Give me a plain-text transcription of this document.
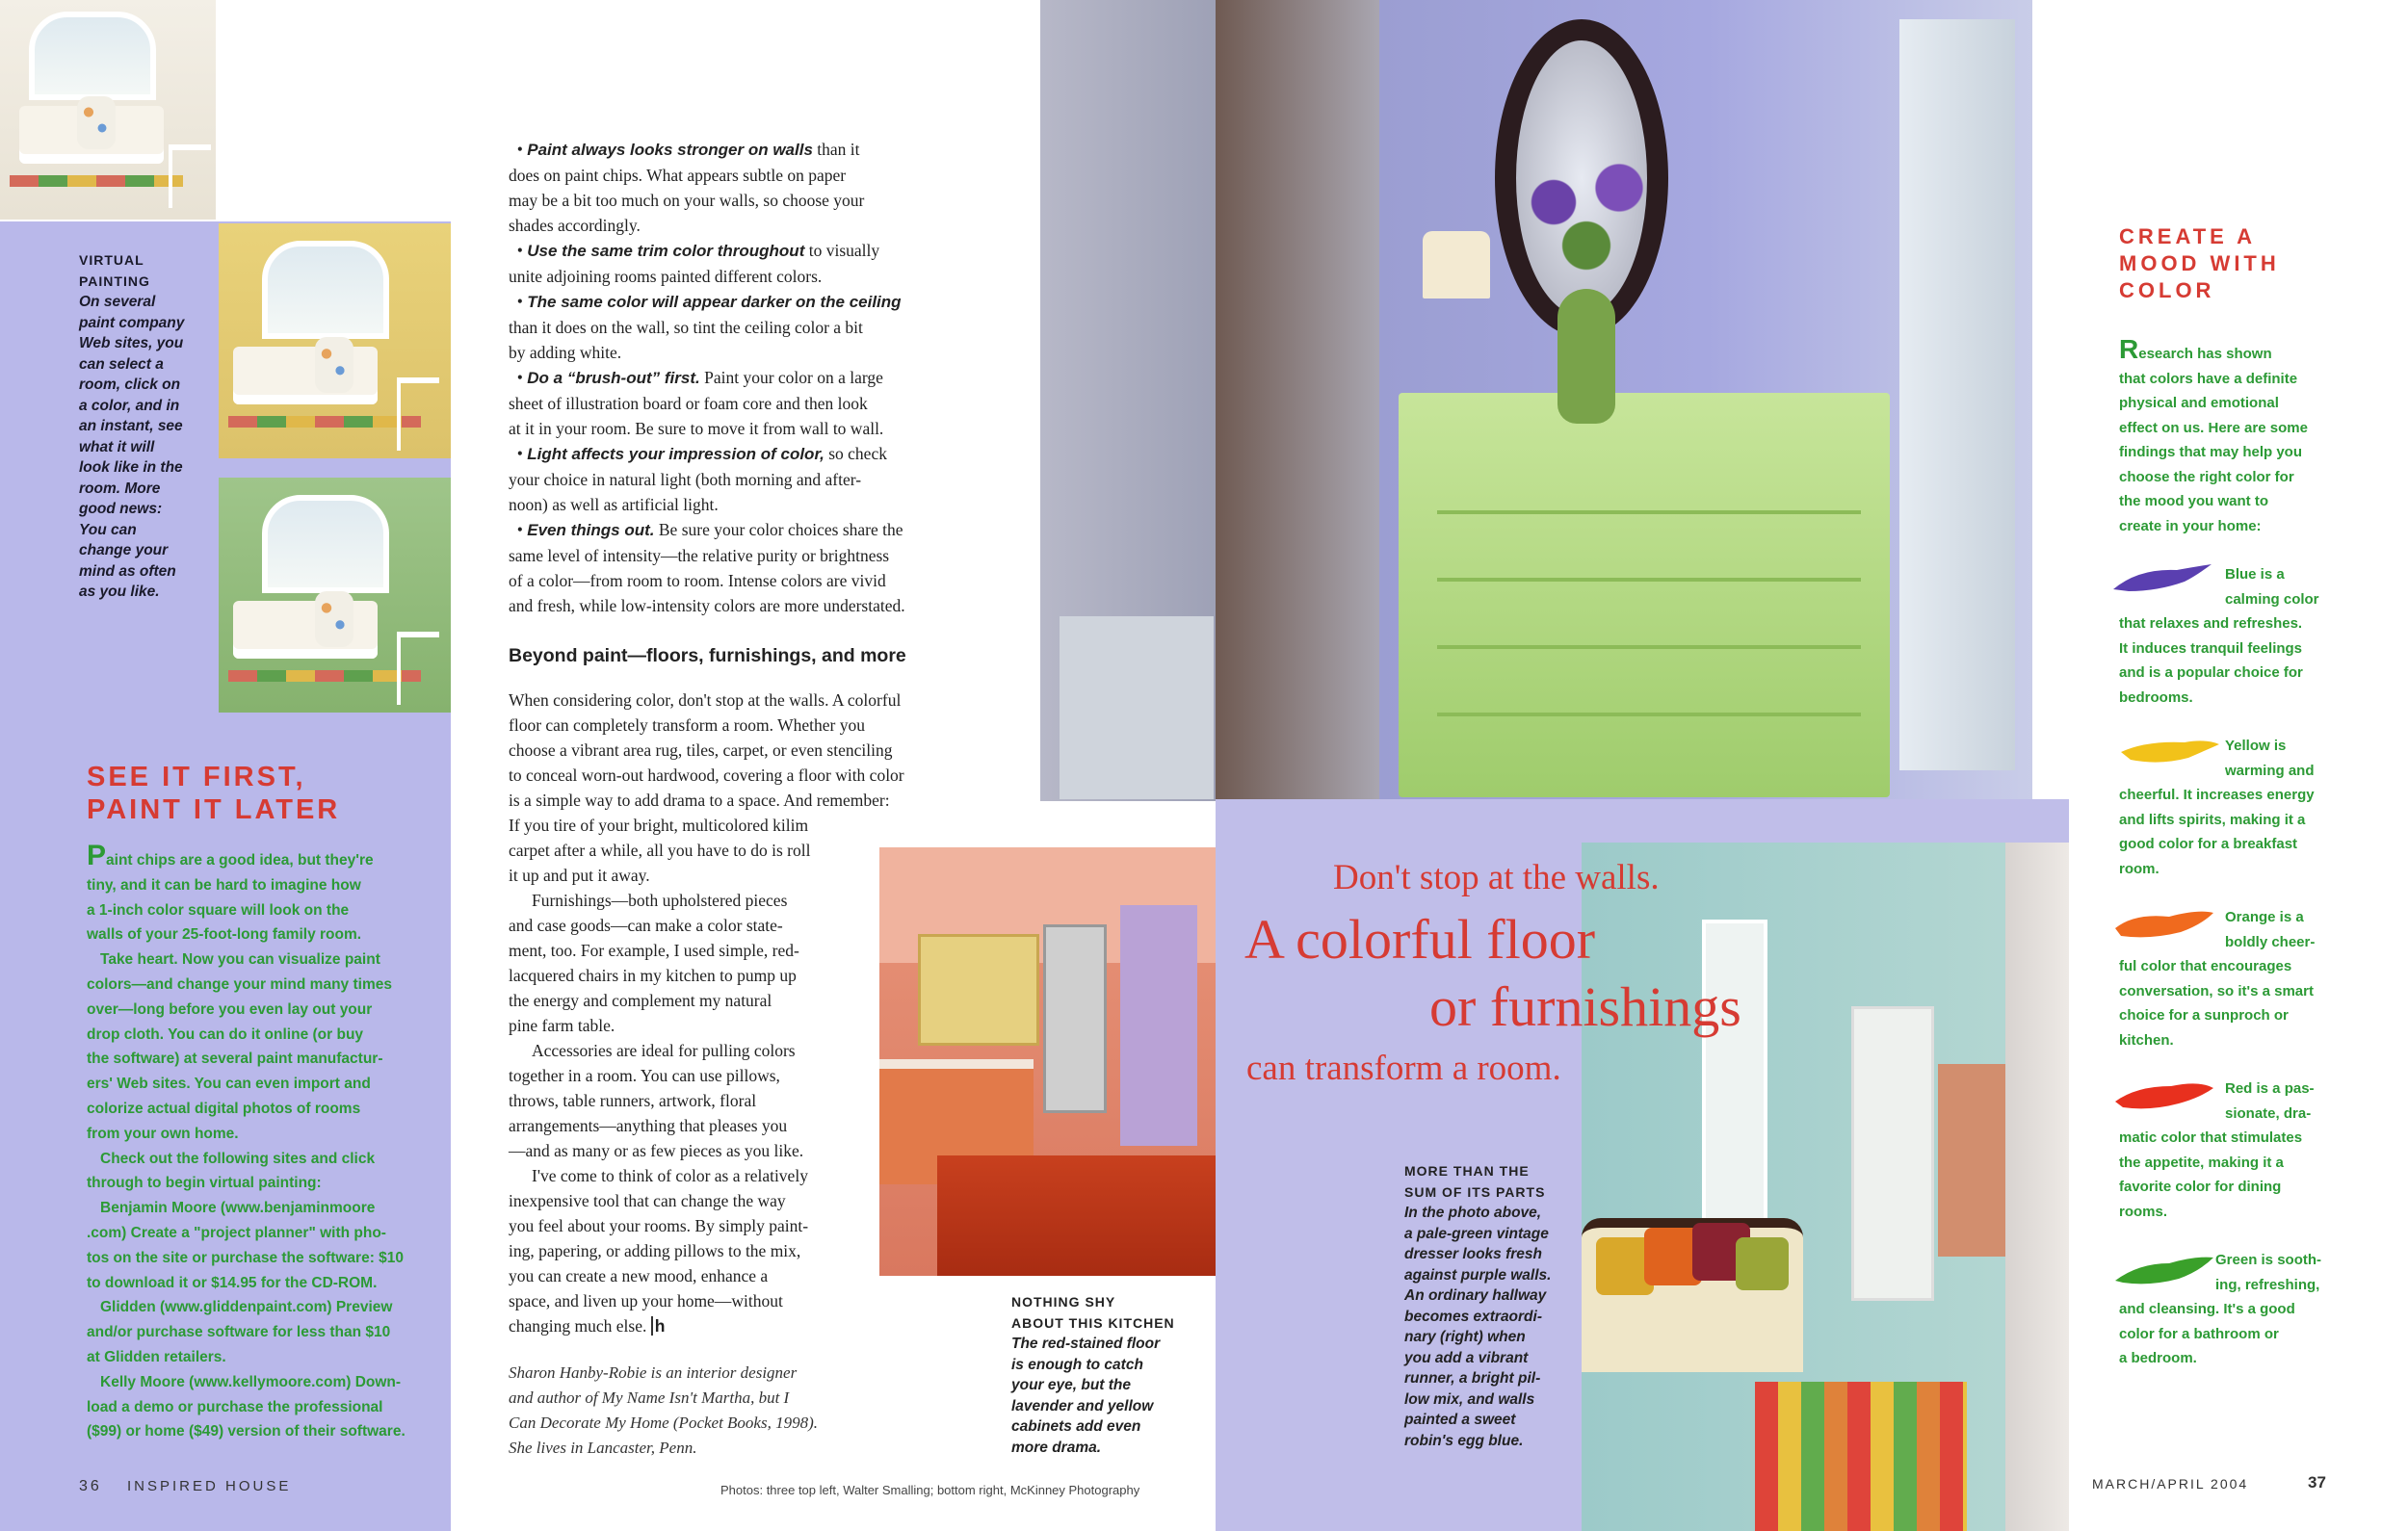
VIRTUAL
PAINTING
On several
paint company
Web sites, you
can select a
room, click on
a color, and in
an instant, see
what it will
look like in the
room. More
good news:
You can
change your
mind as often
as you like.
SEE IT FIRST,
PAINT IT LATER

Paint chips are a good idea, but they're

tiny, and it can be hard to imagine how

a 1-inch color square will look on the

walls of your 25-foot-long family room.

Take heart. Now you can visualize paint

colors—and change your mind many times

over—long before you even lay out your

drop cloth. You can do it online (or buy

the software) at several paint manufactur-

ers' Web sites. You can even import and

colorize actual digital photos of rooms

from your own home.

Check out the following sites and click

through to begin virtual painting:

Benjamin Moore (www.benjaminmoore

.com) Create a "project planner" with pho-

tos on the site or purchase the software: $10

to download it or $14.95 for the CD-ROM.

Glidden (www.gliddenpaint.com) Preview

and/or purchase software for less than $10

at Glidden retailers.

Kelly Moore (www.kellymoore.com) Down-

load a demo or purchase the professional

($99) or home ($49) version of their software.

36 INSPIRED HOUSE

• Paint always looks stronger on walls than it

does on paint chips. What appears subtle on paper

may be a bit too much on your walls, so choose your

shades accordingly.

• Use the same trim color throughout to visually

unite adjoining rooms painted different colors.

• The same color will appear darker on the ceiling

than it does on the wall, so tint the ceiling color a bit

by adding white.

• Do a “brush-out” first. Paint your color on a large

sheet of illustration board or foam core and then look

at it in your room. Be sure to move it from wall to wall.

• Light affects your impression of color, so check

your choice in natural light (both morning and after-

noon) as well as artificial light.

• Even things out. Be sure your color choices share the

same level of intensity—the relative purity or brightness

of a color—from room to room. Intense colors are vivid

and fresh, while low-intensity colors are more understated.

Beyond paint—floors, furnishings, and more

When considering color, don't stop at the walls. A colorful

floor can completely transform a room. Whether you

choose a vibrant area rug, tiles, carpet, or even stenciling

to conceal worn-out hardwood, covering a floor with color

is a simple way to add drama to a space. And remember:

If you tire of your bright, multicolored kilim

carpet after a while, all you have to do is roll

it up and put it away.

Furnishings—both upholstered pieces

and case goods—can make a color state-

ment, too. For example, I used simple, red-

lacquered chairs in my kitchen to pump up

the energy and complement my natural

pine farm table.

Accessories are ideal for pulling colors

together in a room. You can use pillows,

throws, table runners, artwork, floral

arrangements—anything that pleases you

—and as many or as few pieces as you like.

I've come to think of color as a relatively

inexpensive tool that can change the way

you feel about your rooms. By simply paint-

ing, papering, or adding pillows to the mix,

you can create a new mood, enhance a

space, and liven up your home—without

changing much else. h

Sharon Hanby-Robie is an interior designer
and author of My Name Isn't Martha, but I
Can Decorate My Home (Pocket Books, 1998).
She lives in Lancaster, Penn.
NOTHING SHY
ABOUT THIS KITCHEN
The red-stained floor
is enough to catch
your eye, but the
lavender and yellow
cabinets add even
more drama.
Photos: three top left, Walter Smalling; bottom right, McKinney Photography
Don't stop at the walls.
A colorful floor
or furnishings
can transform a room.
MORE THAN THE
SUM OF ITS PARTS
In the photo above,
a pale-green vintage
dresser looks fresh
against purple walls.
An ordinary hallway
becomes extraordi-
nary (right) when
you add a vibrant
runner, a bright pil-
low mix, and walls
painted a sweet
robin's egg blue.
CREATE A
MOOD WITH
COLOR
Research has shown
that colors have a definite
physical and emotional
effect on us. Here are some
findings that may help you
choose the right color for
the mood you want to
create in your home:
Blue is a
calming color
that relaxes and refreshes.
It induces tranquil feelings
and is a popular choice for
bedrooms.
Yellow is
warming and
cheerful. It increases energy
and lifts spirits, making it a
good color for a breakfast
room.
Orange is a
boldly cheer-
ful color that encourages
conversation, so it's a smart
choice for a sunproch or
kitchen.
Red is a pas-
sionate, dra-
matic color that stimulates
the appetite, making it a
favorite color for dining
rooms.
Green is sooth-
ing, refreshing,
and cleansing. It's a good
color for a bathroom or
a bedroom.
MARCH/APRIL 2004	37
